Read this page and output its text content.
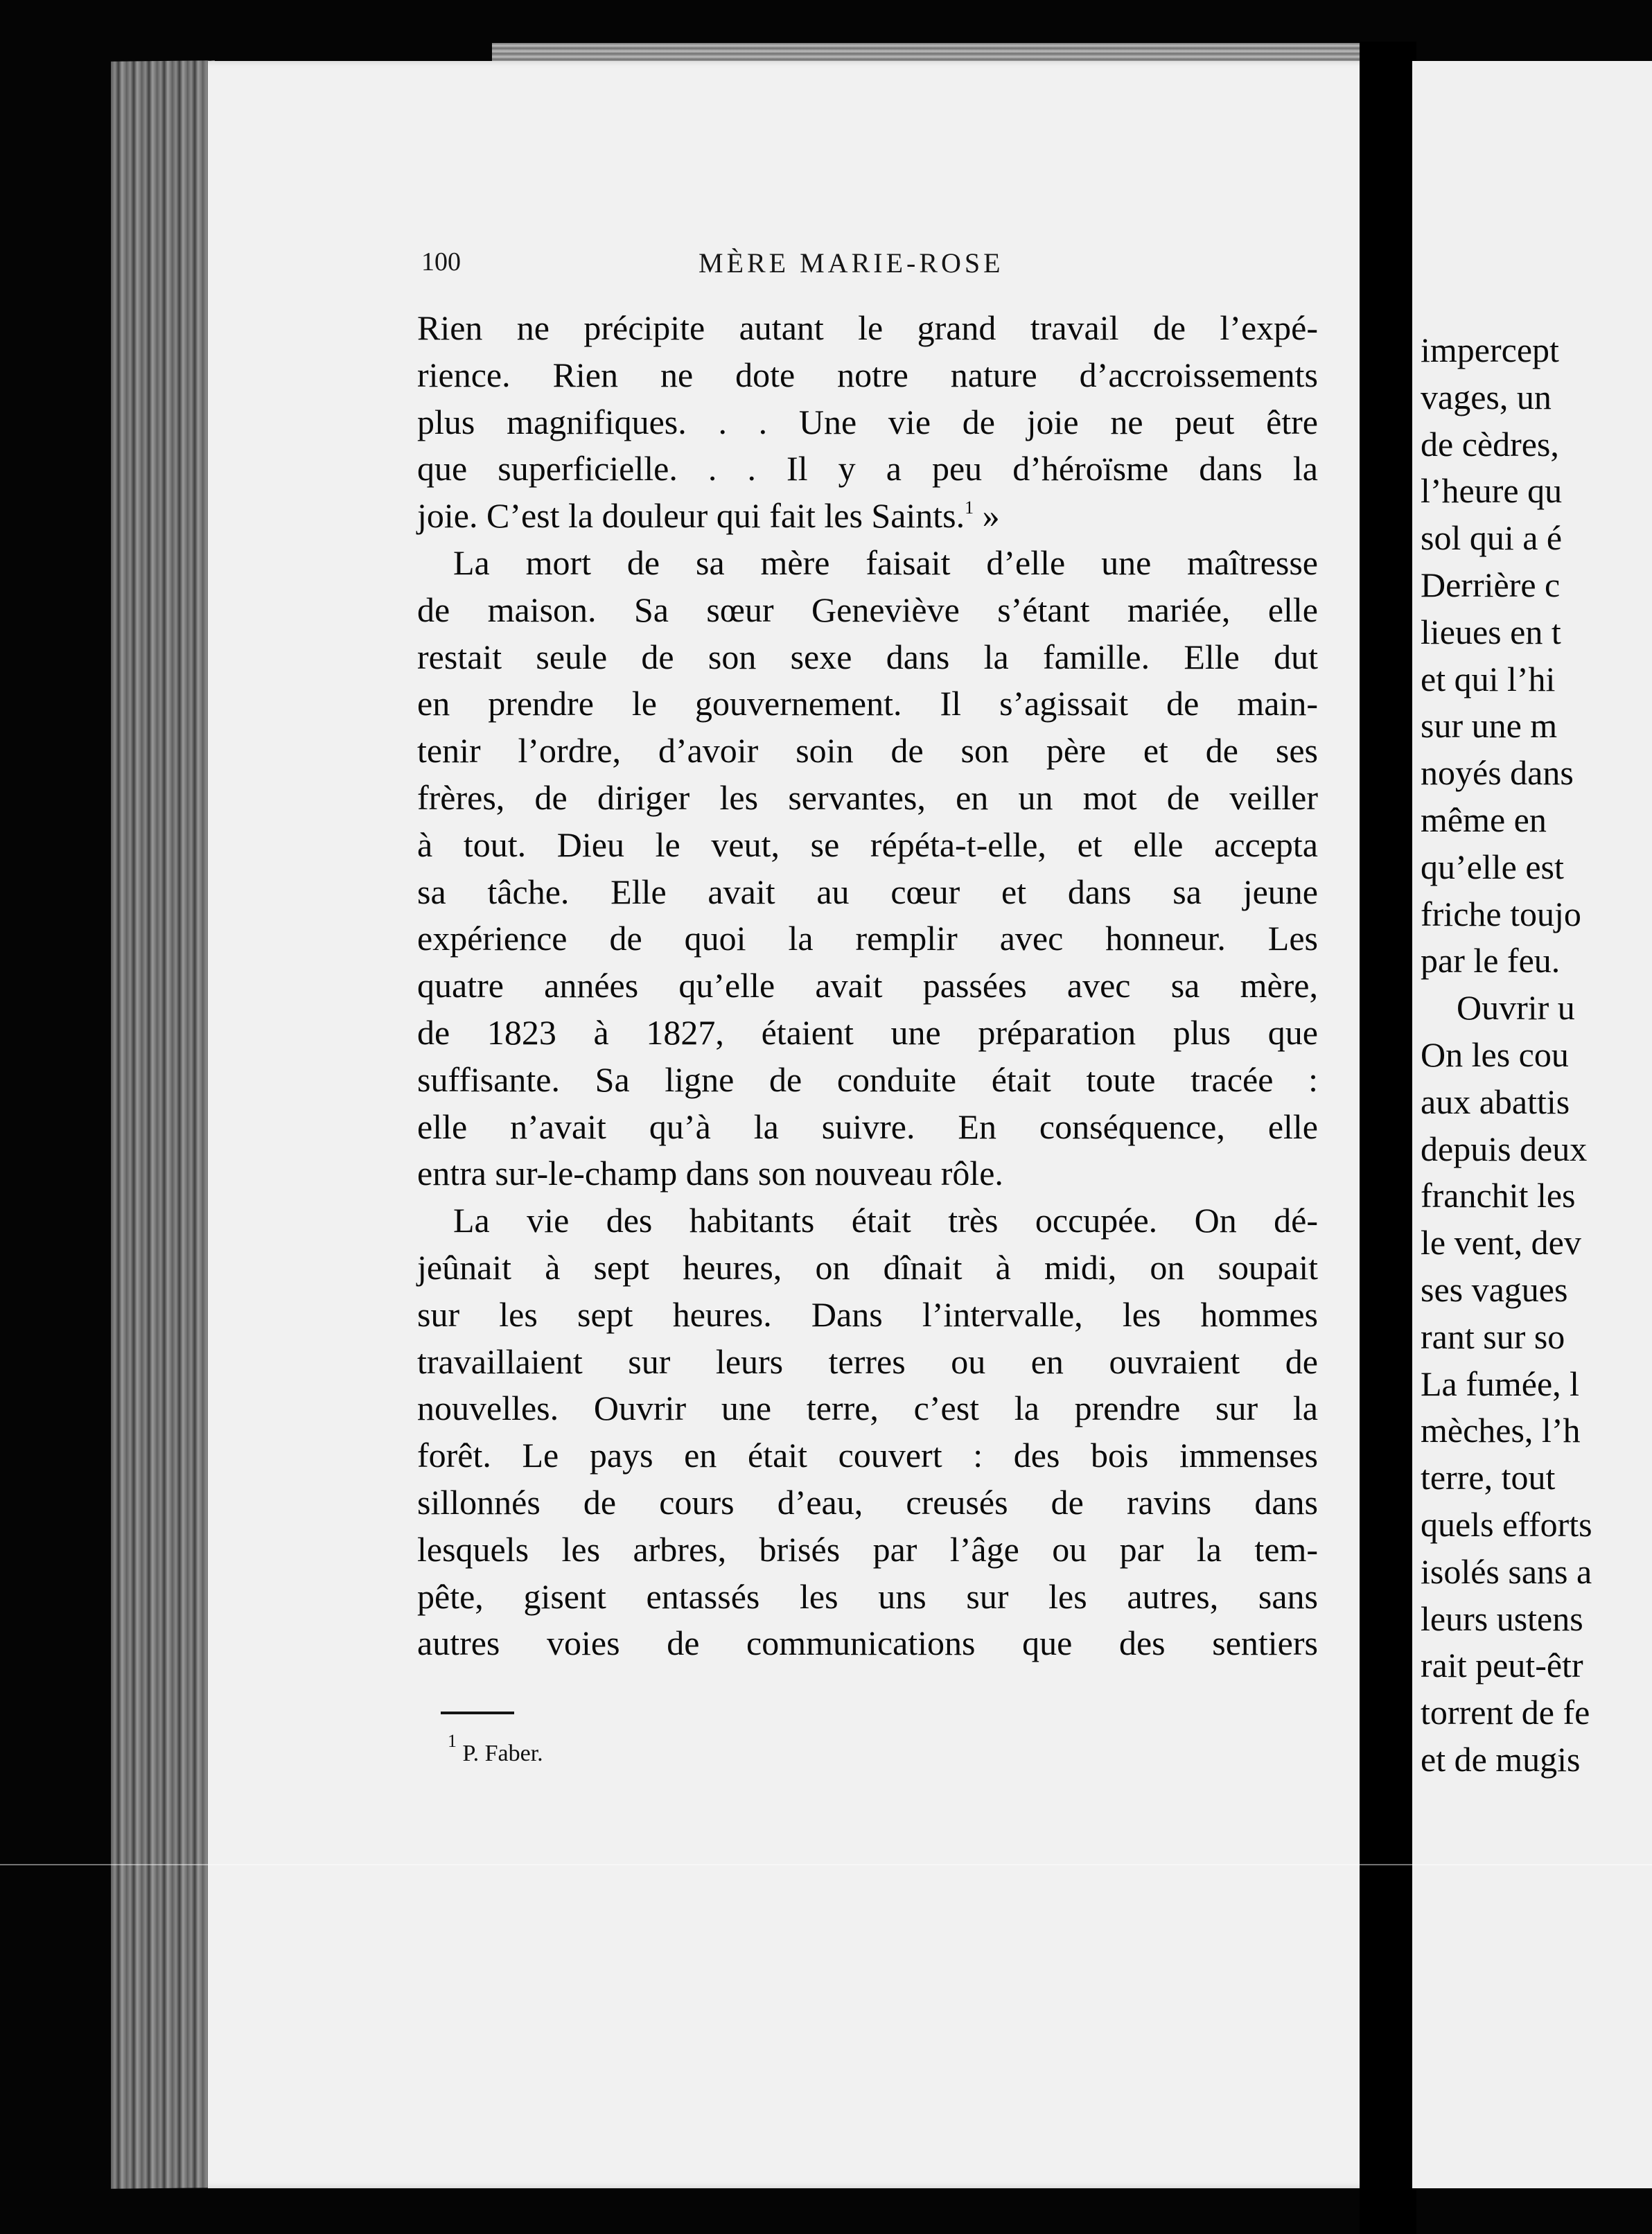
100	MÈRE MARIE-ROSE
Rien ne précipite autant le grand travail de l’expé-
rience. Rien ne dote notre nature d’accroissements
plus magnifiques. . . Une vie de joie ne peut être
que superficielle. . . Il y a peu d’héroïsme dans la
joie. C’est la douleur qui fait les Saints.$^1$ »
La mort de sa mère faisait d’elle une maîtresse
de maison. Sa sœur Geneviève s’étant mariée, elle
restait seule de son sexe dans la famille. Elle dut
en prendre le gouvernement. Il s’agissait de main-
tenir l’ordre, d’avoir soin de son père et de ses
frères, de diriger les servantes, en un mot de veiller
à tout. Dieu le veut, se répéta-t-elle, et elle accepta
sa tâche. Elle avait au cœur et dans sa jeune
expérience de quoi la remplir avec honneur. Les
quatre années qu’elle avait passées avec sa mère,
de 1823 à 1827, étaient une préparation plus que
suffisante. Sa ligne de conduite était toute tracée :
elle n’avait qu’à la suivre. En conséquence, elle
entra sur-le-champ dans son nouveau rôle.
La vie des habitants était très occupée. On dé-
jeûnait à sept heures, on dînait à midi, on soupait
sur les sept heures. Dans l’intervalle, les hommes
travaillaient sur leurs terres ou en ouvraient de
nouvelles. Ouvrir une terre, c’est la prendre sur la
forêt. Le pays en était couvert : des bois immenses
sillonnés de cours d’eau, creusés de ravins dans
lesquels les arbres, brisés par l’âge ou par la tem-
pête, gisent entassés les uns sur les autres, sans
autres voies de communications que des sentiers
$^1$ P. Faber.
impercept
vages, un
de cèdres,
l’heure qu
sol qui a é
Derrière c
lieues en t
et qui l’hi
sur une m
noyés dans
même en
qu’elle est
friche toujo
par le feu.
Ouvrir u
On les cou
aux abattis
depuis deux
franchit les
le vent, dev
ses vagues
rant sur so
La fumée, l
mèches, l’h
terre, tout
quels efforts
isolés sans a
leurs ustens
rait peut-êtr
torrent de fe
et de mugis
